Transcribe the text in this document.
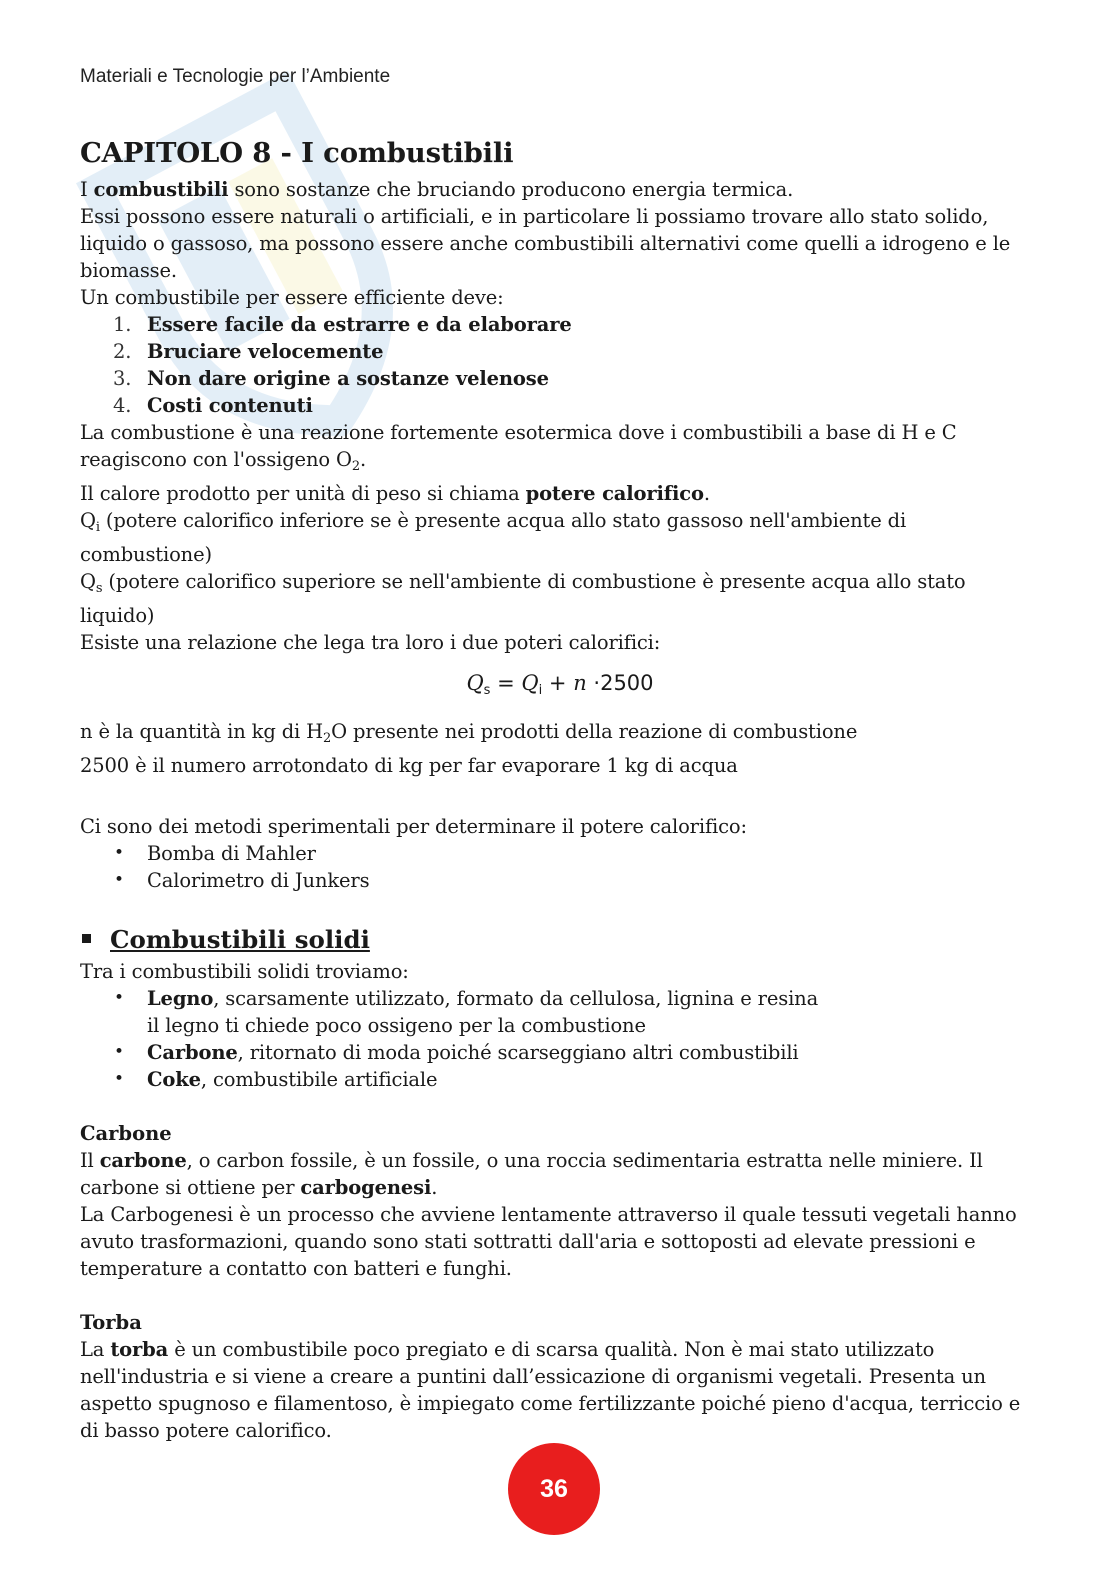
Materiali e Tecnologie per l’Ambiente
CAPITOLO 8 - I combustibili

I combustibili sono sostanze che bruciando producono energia termica.

Essi possono essere naturali o artificiali, e in particolare li possiamo trovare allo stato solido, liquido o gassoso, ma possono essere anche combustibili alternativi come quelli a idrogeno e le biomasse.

Un combustibile per essere efficiente deve:

1. Essere facile da estrarre e da elaborare
2. Bruciare velocemente
3. Non dare origine a sostanze velenose
4. Costi contenuti

La combustione è una reazione fortemente esotermica dove i combustibili a base di H e C reagiscono con l'ossigeno $O_2$.

Il calore prodotto per unità di peso si chiama potere calorifico.

$Q_i$ (potere calorifico inferiore se è presente acqua allo stato gassoso nell'ambiente di combustione)

$Q_s$ (potere calorifico superiore se nell'ambiente di combustione è presente acqua allo stato liquido)

Esiste una relazione che lega tra loro i due poteri calorifici:

$Q_s = Q_i + n \cdot 2500$

n è la quantità in kg di $H_2O$ presente nei prodotti della reazione di combustione

2500 è il numero arrotondato di kg per far evaporare 1 kg di acqua

Ci sono dei metodi sperimentali per determinare il potere calorifico:

• Bomba di Mahler
• Calorimetro di Junkers
Combustibili solidi

Tra i combustibili solidi troviamo:

• Legno, scarsamente utilizzato, formato da cellulosa, lignina e resina
il legno ti chiede poco ossigeno per la combustione
• Carbone, ritornato di moda poiché scarseggiano altri combustibili
• Coke, combustibile artificiale
Carbone

Il carbone, o carbon fossile, è un fossile, o una roccia sedimentaria estratta nelle miniere. Il carbone si ottiene per carbogenesi.

La Carbogenesi è un processo che avviene lentamente attraverso il quale tessuti vegetali hanno avuto trasformazioni, quando sono stati sottratti dall'aria e sottoposti ad elevate pressioni e temperature a contatto con batteri e funghi.

Torba

La torba è un combustibile poco pregiato e di scarsa qualità. Non è mai stato utilizzato nell'industria e si viene a creare a puntini dall’essicazione di organismi vegetali. Presenta un aspetto spugnoso e filamentoso, è impiegato come fertilizzante poiché pieno d'acqua, terriccio e di basso potere calorifico.

36
